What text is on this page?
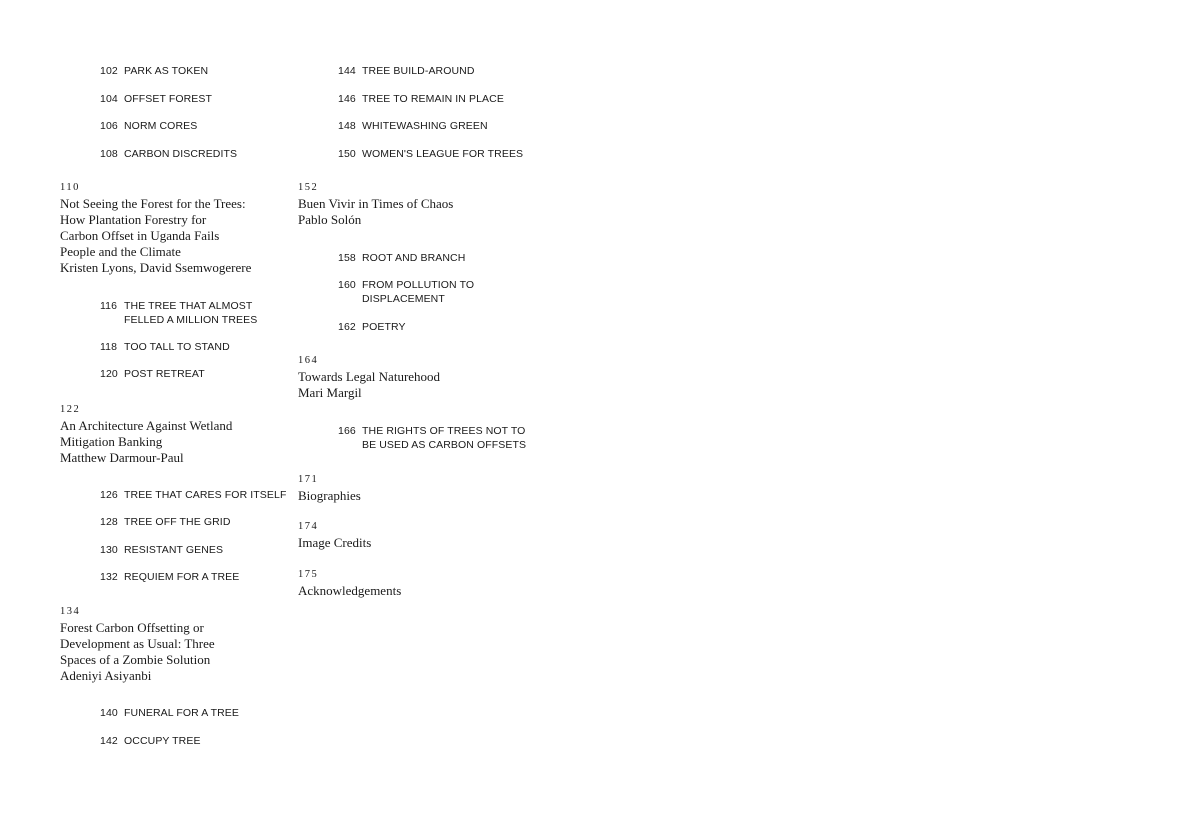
102 PARK AS TOKEN
104 OFFSET FOREST
106 NORM CORES
108 CARBON DISCREDITS
110
Not Seeing the Forest for the Trees:
How Plantation Forestry for
Carbon Offset in Uganda Fails
People and the Climate
Kristen Lyons, David Ssemwogerere
116 THE TREE THAT ALMOST
FELLED A MILLION TREES
118 TOO TALL TO STAND
120 POST RETREAT
122
An Architecture Against Wetland
Mitigation Banking
Matthew Darmour-Paul
126 TREE THAT CARES FOR ITSELF
128 TREE OFF THE GRID
130 RESISTANT GENES
132 REQUIEM FOR A TREE
134
Forest Carbon Offsetting or
Development as Usual: Three
Spaces of a Zombie Solution
Adeniyi Asiyanbi
140 FUNERAL FOR A TREE
142 OCCUPY TREE
144 TREE BUILD-AROUND
146 TREE TO REMAIN IN PLACE
148 WHITEWASHING GREEN
150 WOMEN'S LEAGUE FOR TREES
152
Buen Vivir in Times of Chaos
Pablo Solón
158 ROOT AND BRANCH
160 FROM POLLUTION TO
DISPLACEMENT
162 POETRY
164
Towards Legal Naturehood
Mari Margil
166 THE RIGHTS OF TREES NOT TO
BE USED AS CARBON OFFSETS
171
Biographies
174
Image Credits
175
Acknowledgements
